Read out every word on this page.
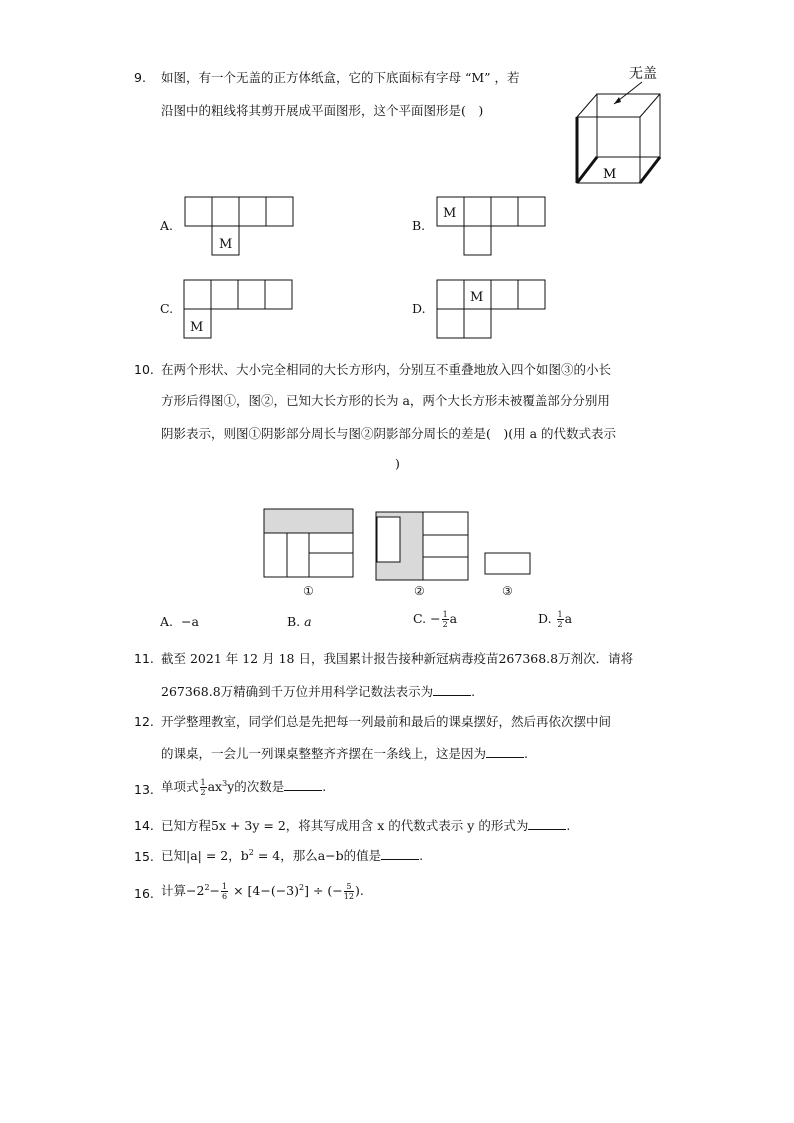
9. 如图，有一个无盖的正方体纸盒，它的下底面标有字母 “M” ，若
沿图中的粗线将其剪开展成平面图形，这个平面图形是(　)
无盖
M
A.
M
B.
M
C.
M
D.
M
10. 在两个形状、大小完全相同的大长方形内，分别互不重叠地放入四个如图③的小长
方形后得图①，图②，已知大长方形的长为 a，两个大长方形未被覆盖部分分别用
阴影表示，则图①阴影部分周长与图②阴影部分周长的差是(　)(用 a 的代数式表示
)
①	②	③
A. −a	B. a	C. − $\frac{1}{2}$ a	D. $\frac{1}{2}$ a
11. 截至 2021 年 12 月 18 日，我国累计报告接种新冠病毒疫苗267368.8万剂次．请将
267368.8万精确到千万位并用科学记数法表示为	.
12. 开学整理教室，同学们总是先把每一列最前和最后的课桌摆好，然后再依次摆中间
的课桌，一会儿一列课桌整整齐齐摆在一条线上，这是因为	.
13. 单项式 $\frac{1}{2} ax^3y$的次数是	.
14. 已知方程5x + 3y = 2，将其写成用含 x 的代数式表示 y 的形式为	.
15. 已知|a| = 2，$b^2 = 4$，那么a−b的值是	.
16. 计算$-2^2- \frac{1}{6} \times [4-(-3)^2]$ ÷ (− $\frac{5}{12}$ ).
